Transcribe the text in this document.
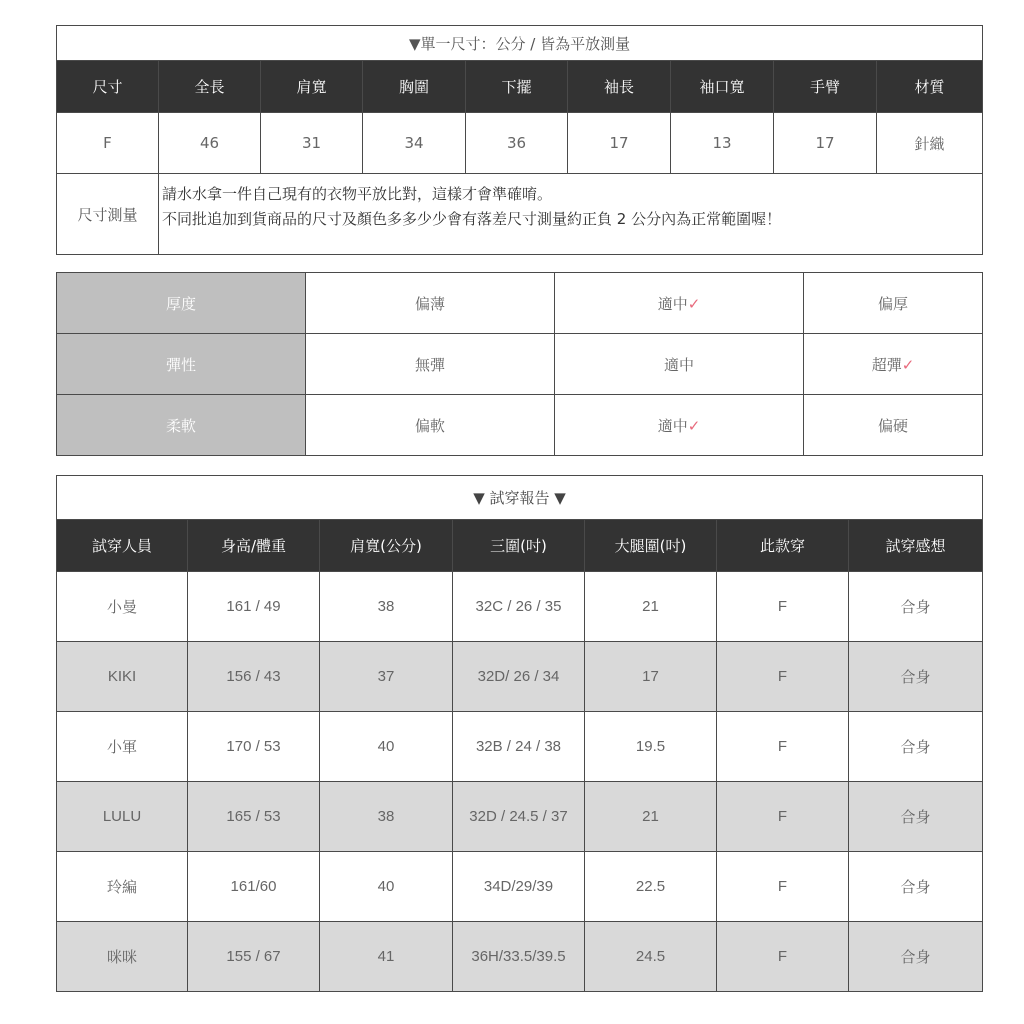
▼單一尺寸：公分 / 皆為平放測量								
尺寸	全長	肩寬	胸圍	下擺	袖長	袖口寬	手臂	材質
F	46	31	34	36	17	13	17	針織
尺寸測量	請水水拿一件自己現有的衣物平放比對，這樣才會準確唷。
不同批追加到貨商品的尺寸及顏色多多少少會有落差尺寸測量約正負 2 公分內為正常範圍喔！							
厚度	偏薄	適中✓	偏厚
彈性	無彈	適中	超彈✓
柔軟	偏軟	適中✓	偏硬
▼ 試穿報告 ▼						
試穿人員	身高/體重	肩寬(公分)	三圍(吋)	大腿圍(吋)	此款穿	試穿感想
小曼	161 / 49	38	32C / 26 / 35	21	F	合身
KIKI	156 / 43	37	32D/ 26 / 34	17	F	合身
小軍	170 / 53	40	32B / 24 / 38	19.5	F	合身
LULU	165 / 53	38	32D / 24.5 / 37	21	F	合身
玲編	161/60	40	34D/29/39	22.5	F	合身
咪咪	155 / 67	41	36H/33.5/39.5	24.5	F	合身
